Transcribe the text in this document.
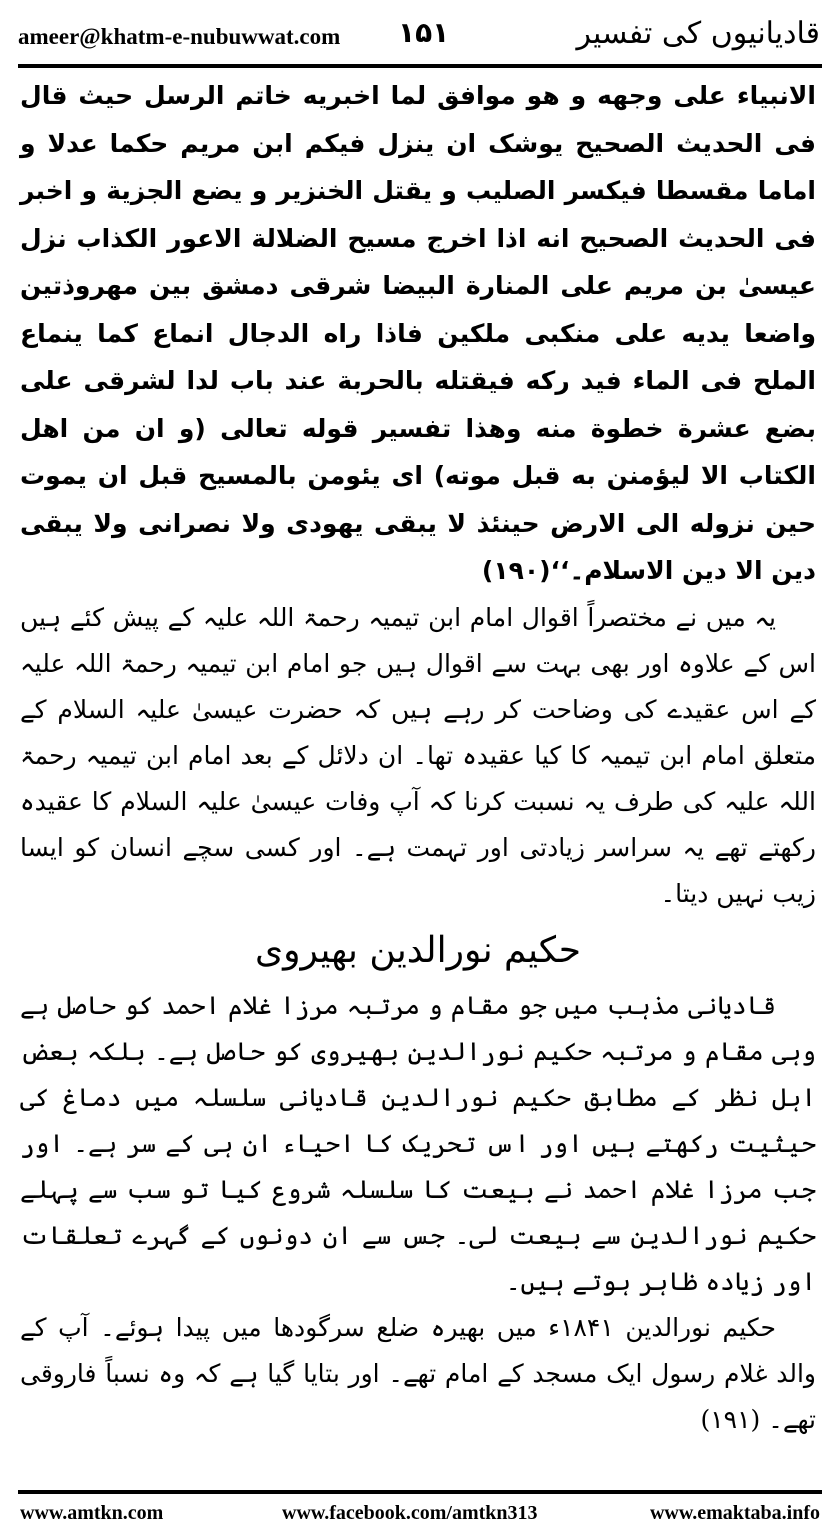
ameer@khatm-e-nubuwwat.com ۱۵۱	قادیانیوں کی تفسیر

الانبیاء علی وجهه و هو موافق لما اخبریه خاتم الرسل حیث قال فی الحدیث الصحیح یوشک ان ینزل فیکم ابن مریم حکما عدلا و اماما مقسطا فیکسر الصلیب و یقتل الخنزیر و یضع الجزیة و اخبر فی الحدیث الصحیح انه اذا اخرج مسیح الضلالة الاعور الکذاب نزل عیسیٰ بن مریم علی المنارة البیضا شرقی دمشق بین مهروذتین واضعا یدیه علی منکبی ملکین فاذا راه الدجال انماع کما ینماع الملح فی الماء فید رکه فیقتله بالحربة عند باب لدا لشرقی علی بضع عشرة خطوة منه وهذا تفسیر قوله تعالی (و ان من اهل الکتاب الا لیؤمنن به قبل موته) ای یئومن بالمسیح قبل ان یموت حین نزوله الی الارض حینئذ لا یبقی یهودی ولا نصرانی ولا یبقی دین الا دین الاسلام۔‘‘(۱۹۰)

یہ میں نے مختصراً اقوال امام ابن تیمیہ رحمۃ اللہ علیہ کے پیش کئے ہیں اس کے علاوہ اور بھی بہت سے اقوال ہیں جو امام ابن تیمیہ رحمۃ اللہ علیہ کے اس عقیدے کی وضاحت کر رہے ہیں کہ حضرت عیسیٰ علیہ السلام کے متعلق امام ابن تیمیہ کا کیا عقیدہ تھا۔ ان دلائل کے بعد امام ابن تیمیہ رحمۃ اللہ علیہ کی طرف یہ نسبت کرنا کہ آپ وفات عیسیٰ علیہ السلام کا عقیدہ رکھتے تھے یہ سراسر زیادتی اور تہمت ہے۔ اور کسی سچے انسان کو ایسا زیب نہیں دیتا۔

حکیم نورالدین بھیروی

قادیانی مذہب میں جو مقام و مرتبہ مرزا غلام احمد کو حاصل ہے وہی مقام و مرتبہ حکیم نورالدین بھیروی کو حاصل ہے۔ بلکہ بعض اہل نظر کے مطابق حکیم نورالدین قادیانی سلسلہ میں دماغ کی حیثیت رکھتے ہیں اور اس تحریک کا احیاء ان ہی کے سر ہے۔ اور جب مرزا غلام احمد نے بیعت کا سلسلہ شروع کیا تو سب سے پہلے حکیم نورالدین سے بیعت لی۔ جس سے ان دونوں کے گہرے تعلقات اور زیادہ ظاہر ہوتے ہیں۔

حکیم نورالدین ۱۸۴۱ء میں بھیرہ ضلع سرگودھا میں پیدا ہوئے۔ آپ کے والد غلام رسول ایک مسجد کے امام تھے۔ اور بتایا گیا ہے کہ وہ نسباً فاروقی تھے۔ (۱۹۱)

www.amtkn.com	www.facebook.com/amtkn313	www.emaktaba.info
